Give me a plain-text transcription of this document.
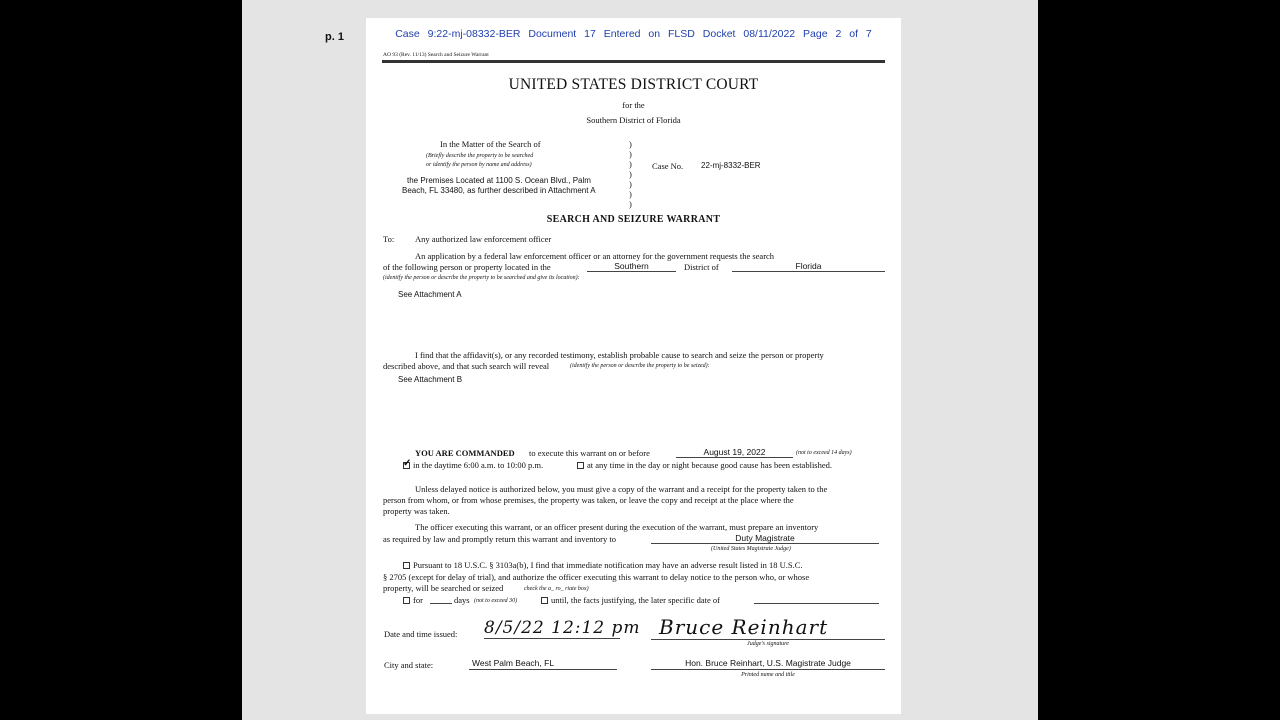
p. 1	Case 9:22-mj-08332-BER Document 17 Entered on FLSD Docket 08/11/2022 Page 2 of 7
AO 93 (Rev. 11/13) Search and Seizure Warrant
UNITED STATES DISTRICT COURT
for the
Southern District of Florida
In the Matter of the Search of
(Briefly describe the property to be searched
or identify the person by name and address)
the Premises Located at 1100 S. Ocean Blvd., Palm
Beach, FL 33480, as further described in Attachment A
)
)
)
)
)
)
)
Case No. 22-mj-8332-BER
SEARCH AND SEIZURE WARRANT
To: Any authorized law enforcement officer
An application by a federal law enforcement officer or an attorney for the government requests the search
of the following person or property located in the	Southern	District of	Florida
(identify the person or describe the property to be searched and give its location):
See Attachment A
I find that the affidavit(s), or any recorded testimony, establish probable cause to search and seize the person or property
described above, and that such search will reveal	(identify the person or describe the property to be seized):
See Attachment B
YOU ARE COMMANDED to execute this warrant on or before	August 19, 2022	(not to exceed 14 days)
✓in the daytime 6:00 a.m. to 10:00 p.m.	at any time in the day or night because good cause has been established.
Unless delayed notice is authorized below, you must give a copy of the warrant and a receipt for the property taken to the
person from whom, or from whose premises, the property was taken, or leave the copy and receipt at the place where the
property was taken.
The officer executing this warrant, or an officer present during the execution of the warrant, must prepare an inventory
as required by law and promptly return this warrant and inventory to	Duty Magistrate
(United States Magistrate Judge)
Pursuant to 18 U.S.C. § 3103a(b), I find that immediate notification may have an adverse result listed in 18 U.S.C.
§ 2705 (except for delay of trial), and authorize the officer executing this warrant to delay notice to the person who, or whose
property, will be searched or seized	check the a_ ro_ riate box)
for	days (not to exceed 30)	until, the facts justifying, the later specific date of
Date and time issued: 8/5/22 12:12 pm Bruce Reinhart
Judge's signature
City and state:	West Palm Beach, FL	Hon. Bruce Reinhart, U.S. Magistrate Judge
Printed name and title
